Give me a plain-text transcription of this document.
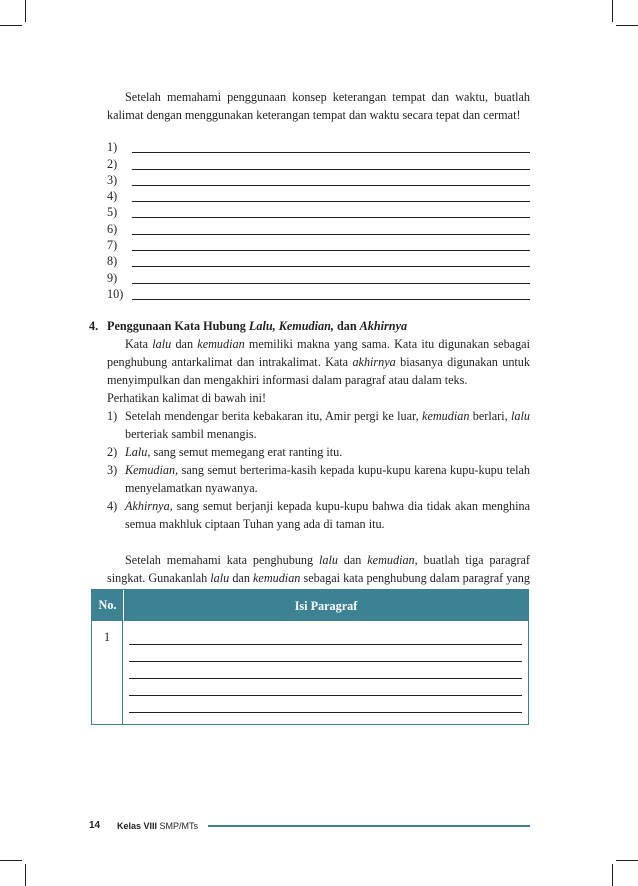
Setelah memahami penggunaan konsep keterangan tempat dan waktu, buatlah kalimat dengan menggunakan keterangan tempat dan waktu secara tepat dan cermat!

1)
2)
3)
4)
5)
6)
7)
8)
9)
10)
4. Penggunaan Kata Hubung Lalu, Kemudian, dan Akhirnya

Kata lalu dan kemudian memiliki makna yang sama. Kata itu digunakan sebagai penghubung antarkalimat dan intrakalimat. Kata akhirnya biasanya digunakan untuk menyimpulkan dan mengakhiri informasi dalam paragraf atau dalam teks.

Perhatikan kalimat di bawah ini!

1) Setelah mendengar berita kebakaran itu, Amir pergi ke luar, kemudian berlari, lalu berteriak sambil menangis.
2) Lalu, sang semut memegang erat ranting itu.
3) Kemudian, sang semut berterima-kasih kepada kupu-kupu karena kupu-kupu telah menyelamatkan nyawanya.
4) Akhirnya, sang semut berjanji kepada kupu-kupu bahwa dia tidak akan menghina semua makhluk ciptaan Tuhan yang ada di taman itu.

Setelah memahami kata penghubung lalu dan kemudian, buatlah tiga paragraf singkat. Gunakanlah lalu dan kemudian sebagai kata penghubung dalam paragraf yang

No.	Isi Paragraf
1
14	Kelas VIII SMP/MTs
